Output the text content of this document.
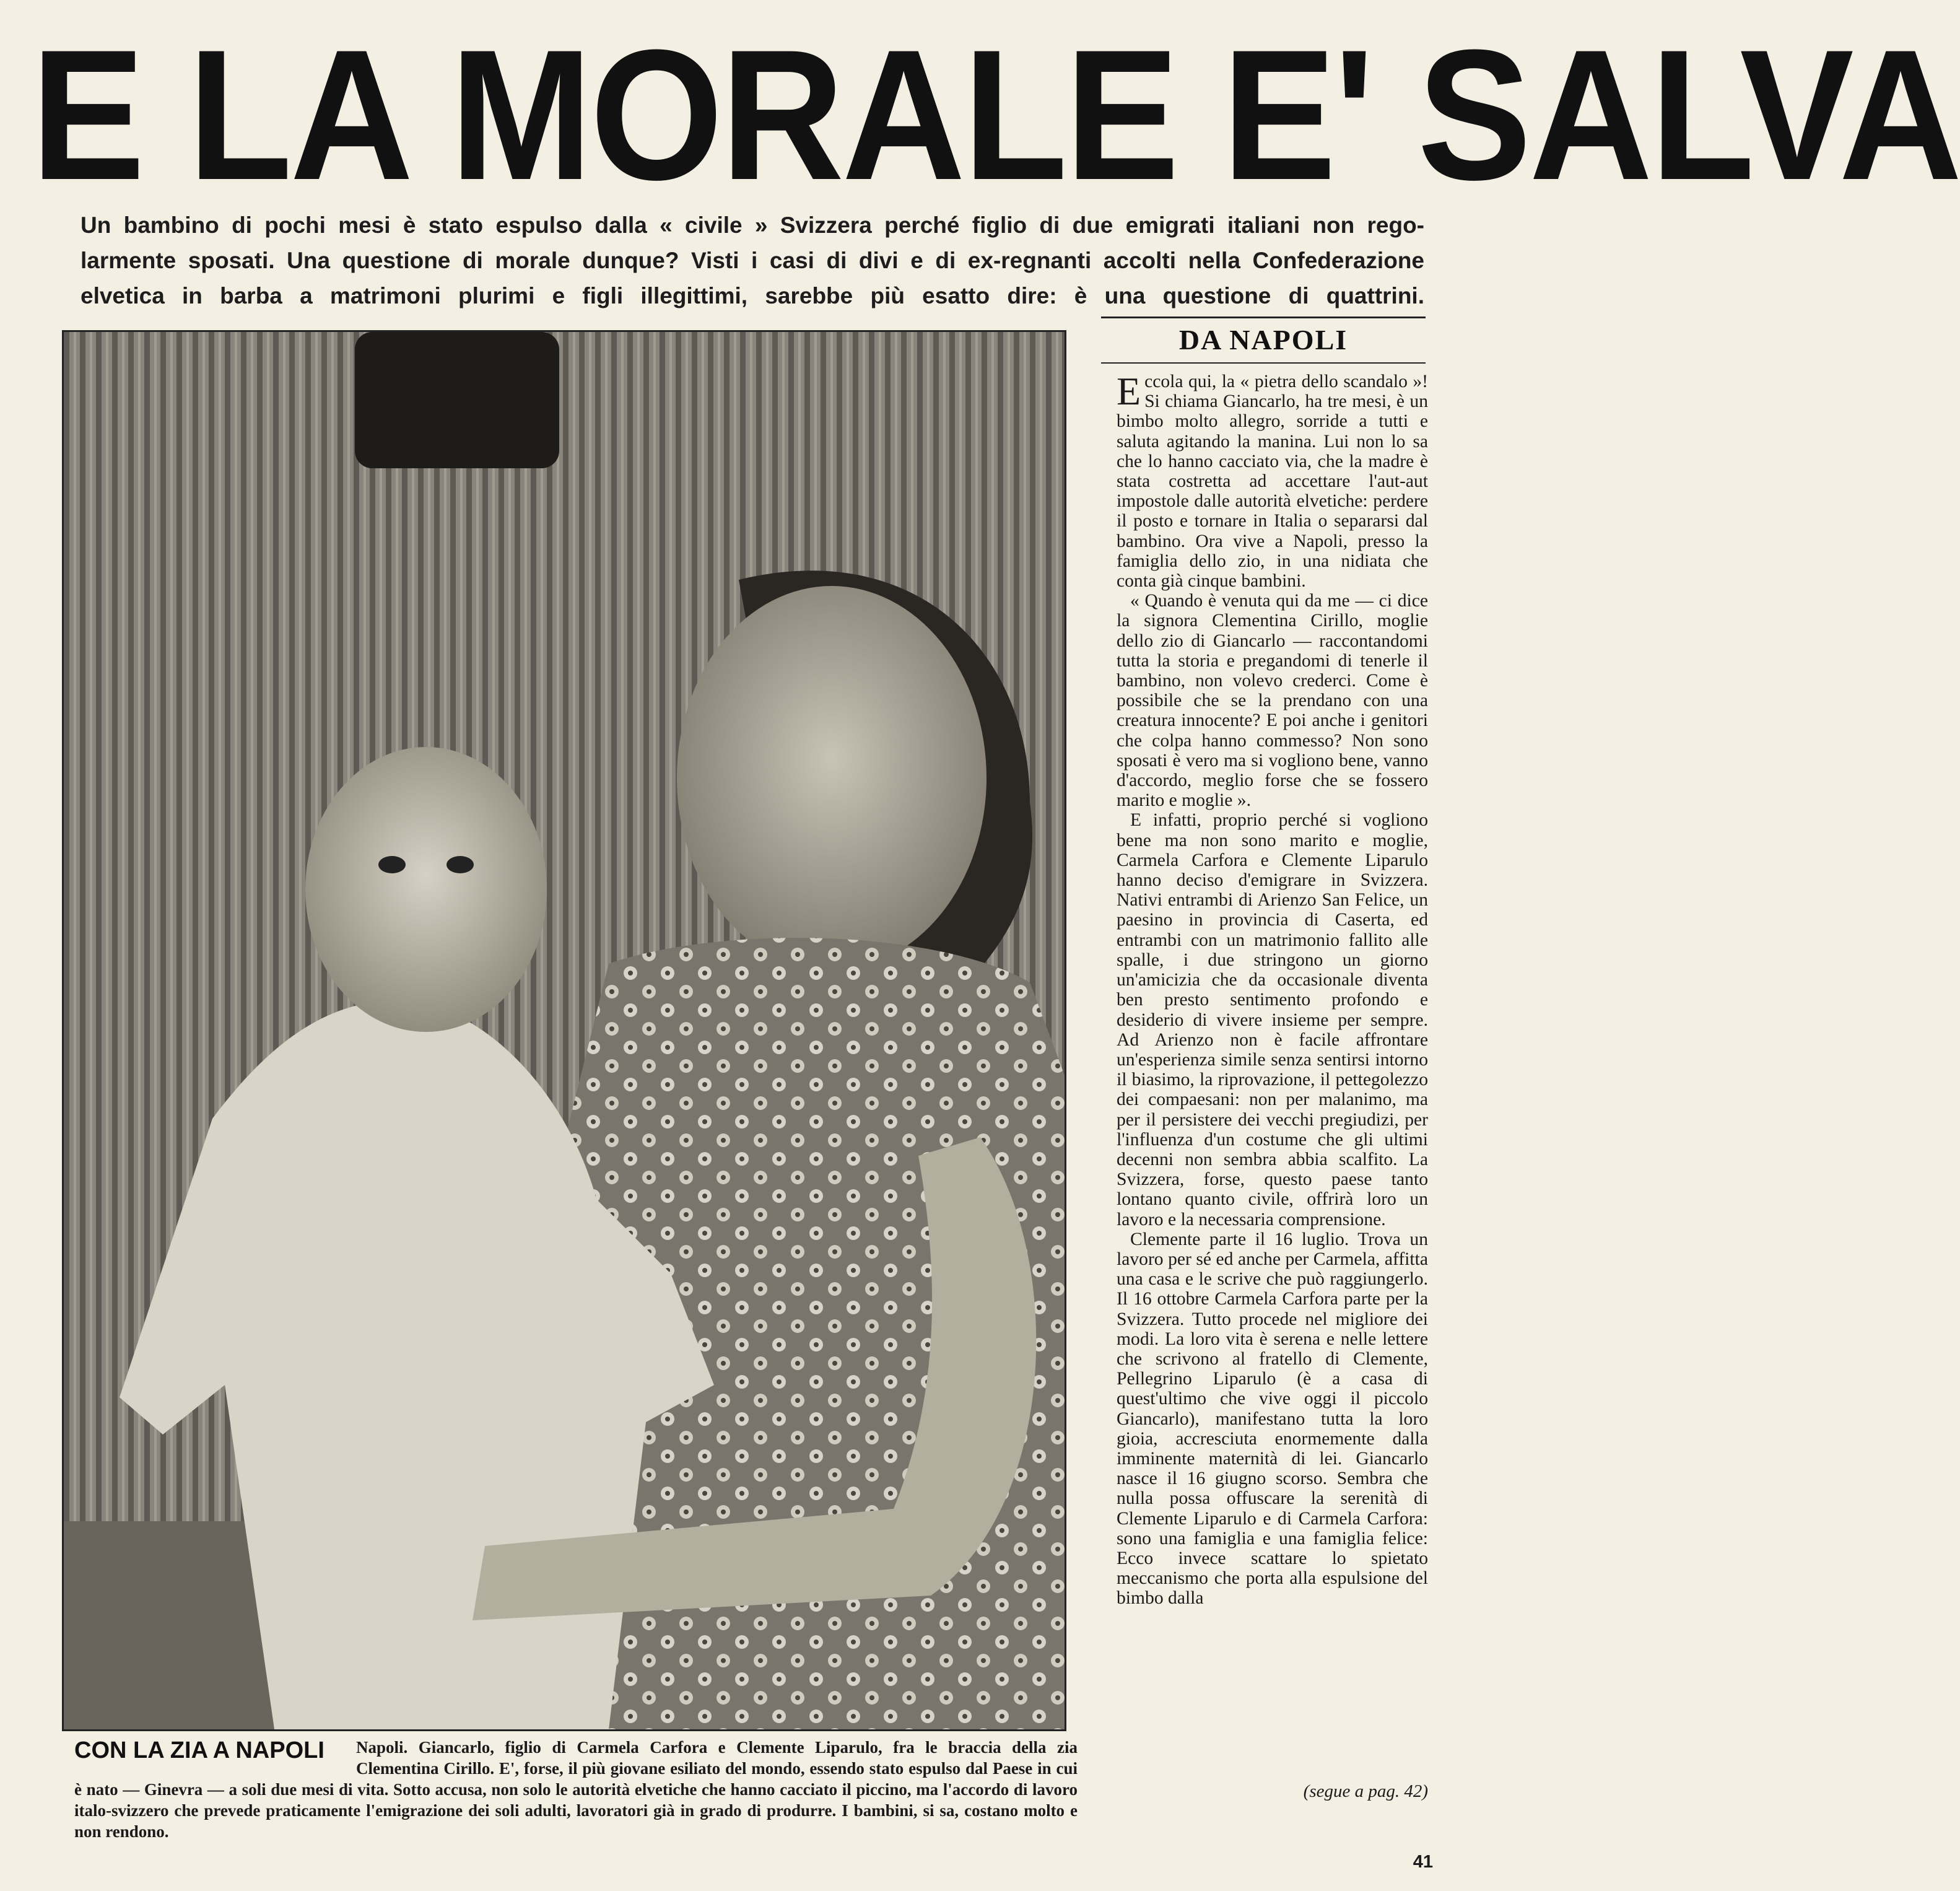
E LA MORALE E' SALVA
Un bambino di pochi mesi è stato espulso dalla « civile » Svizzera perché figlio di due emigrati italiani non rego-
larmente sposati. Una questione di morale dunque? Visti i casi di divi e di ex-regnanti accolti nella Confederazione
elvetica in barba a matrimoni plurimi e figli illegittimi, sarebbe più esatto dire: è una questione di quattrini.
DA NAPOLI

Eccola qui, la « pietra dello scandalo »! Si chiama Giancarlo, ha tre mesi, è un bimbo molto allegro, sorride a tutti e saluta agitando la manina. Lui non lo sa che lo hanno cacciato via, che la madre è stata costretta ad accettare l'aut-aut impostole dalle autorità elvetiche: perdere il posto e tornare in Italia o separarsi dal bambino. Ora vive a Napoli, presso la famiglia dello zio, in una nidiata che conta già cinque bambini.

« Quando è venuta qui da me — ci dice la signora Clementina Cirillo, moglie dello zio di Giancarlo — raccontandomi tutta la storia e pregandomi di tenerle il bambino, non volevo crederci. Come è possibile che se la prendano con una creatura innocente? E poi anche i genitori che colpa hanno commesso? Non sono sposati è vero ma si vogliono bene, vanno d'accordo, meglio forse che se fossero marito e moglie ».

E infatti, proprio perché si vogliono bene ma non sono marito e moglie, Carmela Carfora e Clemente Liparulo hanno deciso d'emigrare in Svizzera. Nativi entrambi di Arienzo San Felice, un paesino in provincia di Caserta, ed entrambi con un matrimonio fallito alle spalle, i due stringono un giorno un'amicizia che da occasionale diventa ben presto sentimento profondo e desiderio di vivere insieme per sempre. Ad Arienzo non è facile affrontare un'esperienza simile senza sentirsi intorno il biasimo, la riprovazione, il pettegolezzo dei compaesani: non per malanimo, ma per il persistere dei vecchi pregiudizi, per l'influenza d'un costume che gli ultimi decenni non sembra abbia scalfito. La Svizzera, forse, questo paese tanto lontano quanto civile, offrirà loro un lavoro e la necessaria comprensione.

Clemente parte il 16 luglio. Trova un lavoro per sé ed anche per Carmela, affitta una casa e le scrive che può raggiungerlo. Il 16 ottobre Carmela Carfora parte per la Svizzera. Tutto procede nel migliore dei modi. La loro vita è serena e nelle lettere che scrivono al fratello di Clemente, Pellegrino Liparulo (è a casa di quest'ultimo che vive oggi il piccolo Giancarlo), manifestano tutta la loro gioia, accresciuta enormemente dalla imminente maternità di lei. Giancarlo nasce il 16 giugno scorso. Sembra che nulla possa offuscare la serenità di Clemente Liparulo e di Carmela Carfora: sono una famiglia e una famiglia felice: Ecco invece scattare lo spietato meccanismo che porta alla espulsione del bimbo dalla

(segue a pag. 42)
CON LA ZIA A NAPOLI	Napoli. Giancarlo, figlio di Carmela Carfora e Clemente Liparulo, fra le braccia della zia Clementina Cirillo. E', forse, il più giovane esiliato del mondo, essendo stato espulso dal Paese in cui è nato — Ginevra — a soli due mesi di vita. Sotto accusa, non solo le autorità elvetiche che hanno cacciato il piccino, ma l'accordo di lavoro italo-svizzero che prevede praticamente l'emigrazione dei soli adulti, lavoratori già in grado di produrre. I bambini, si sa, costano molto e non rendono.
41
